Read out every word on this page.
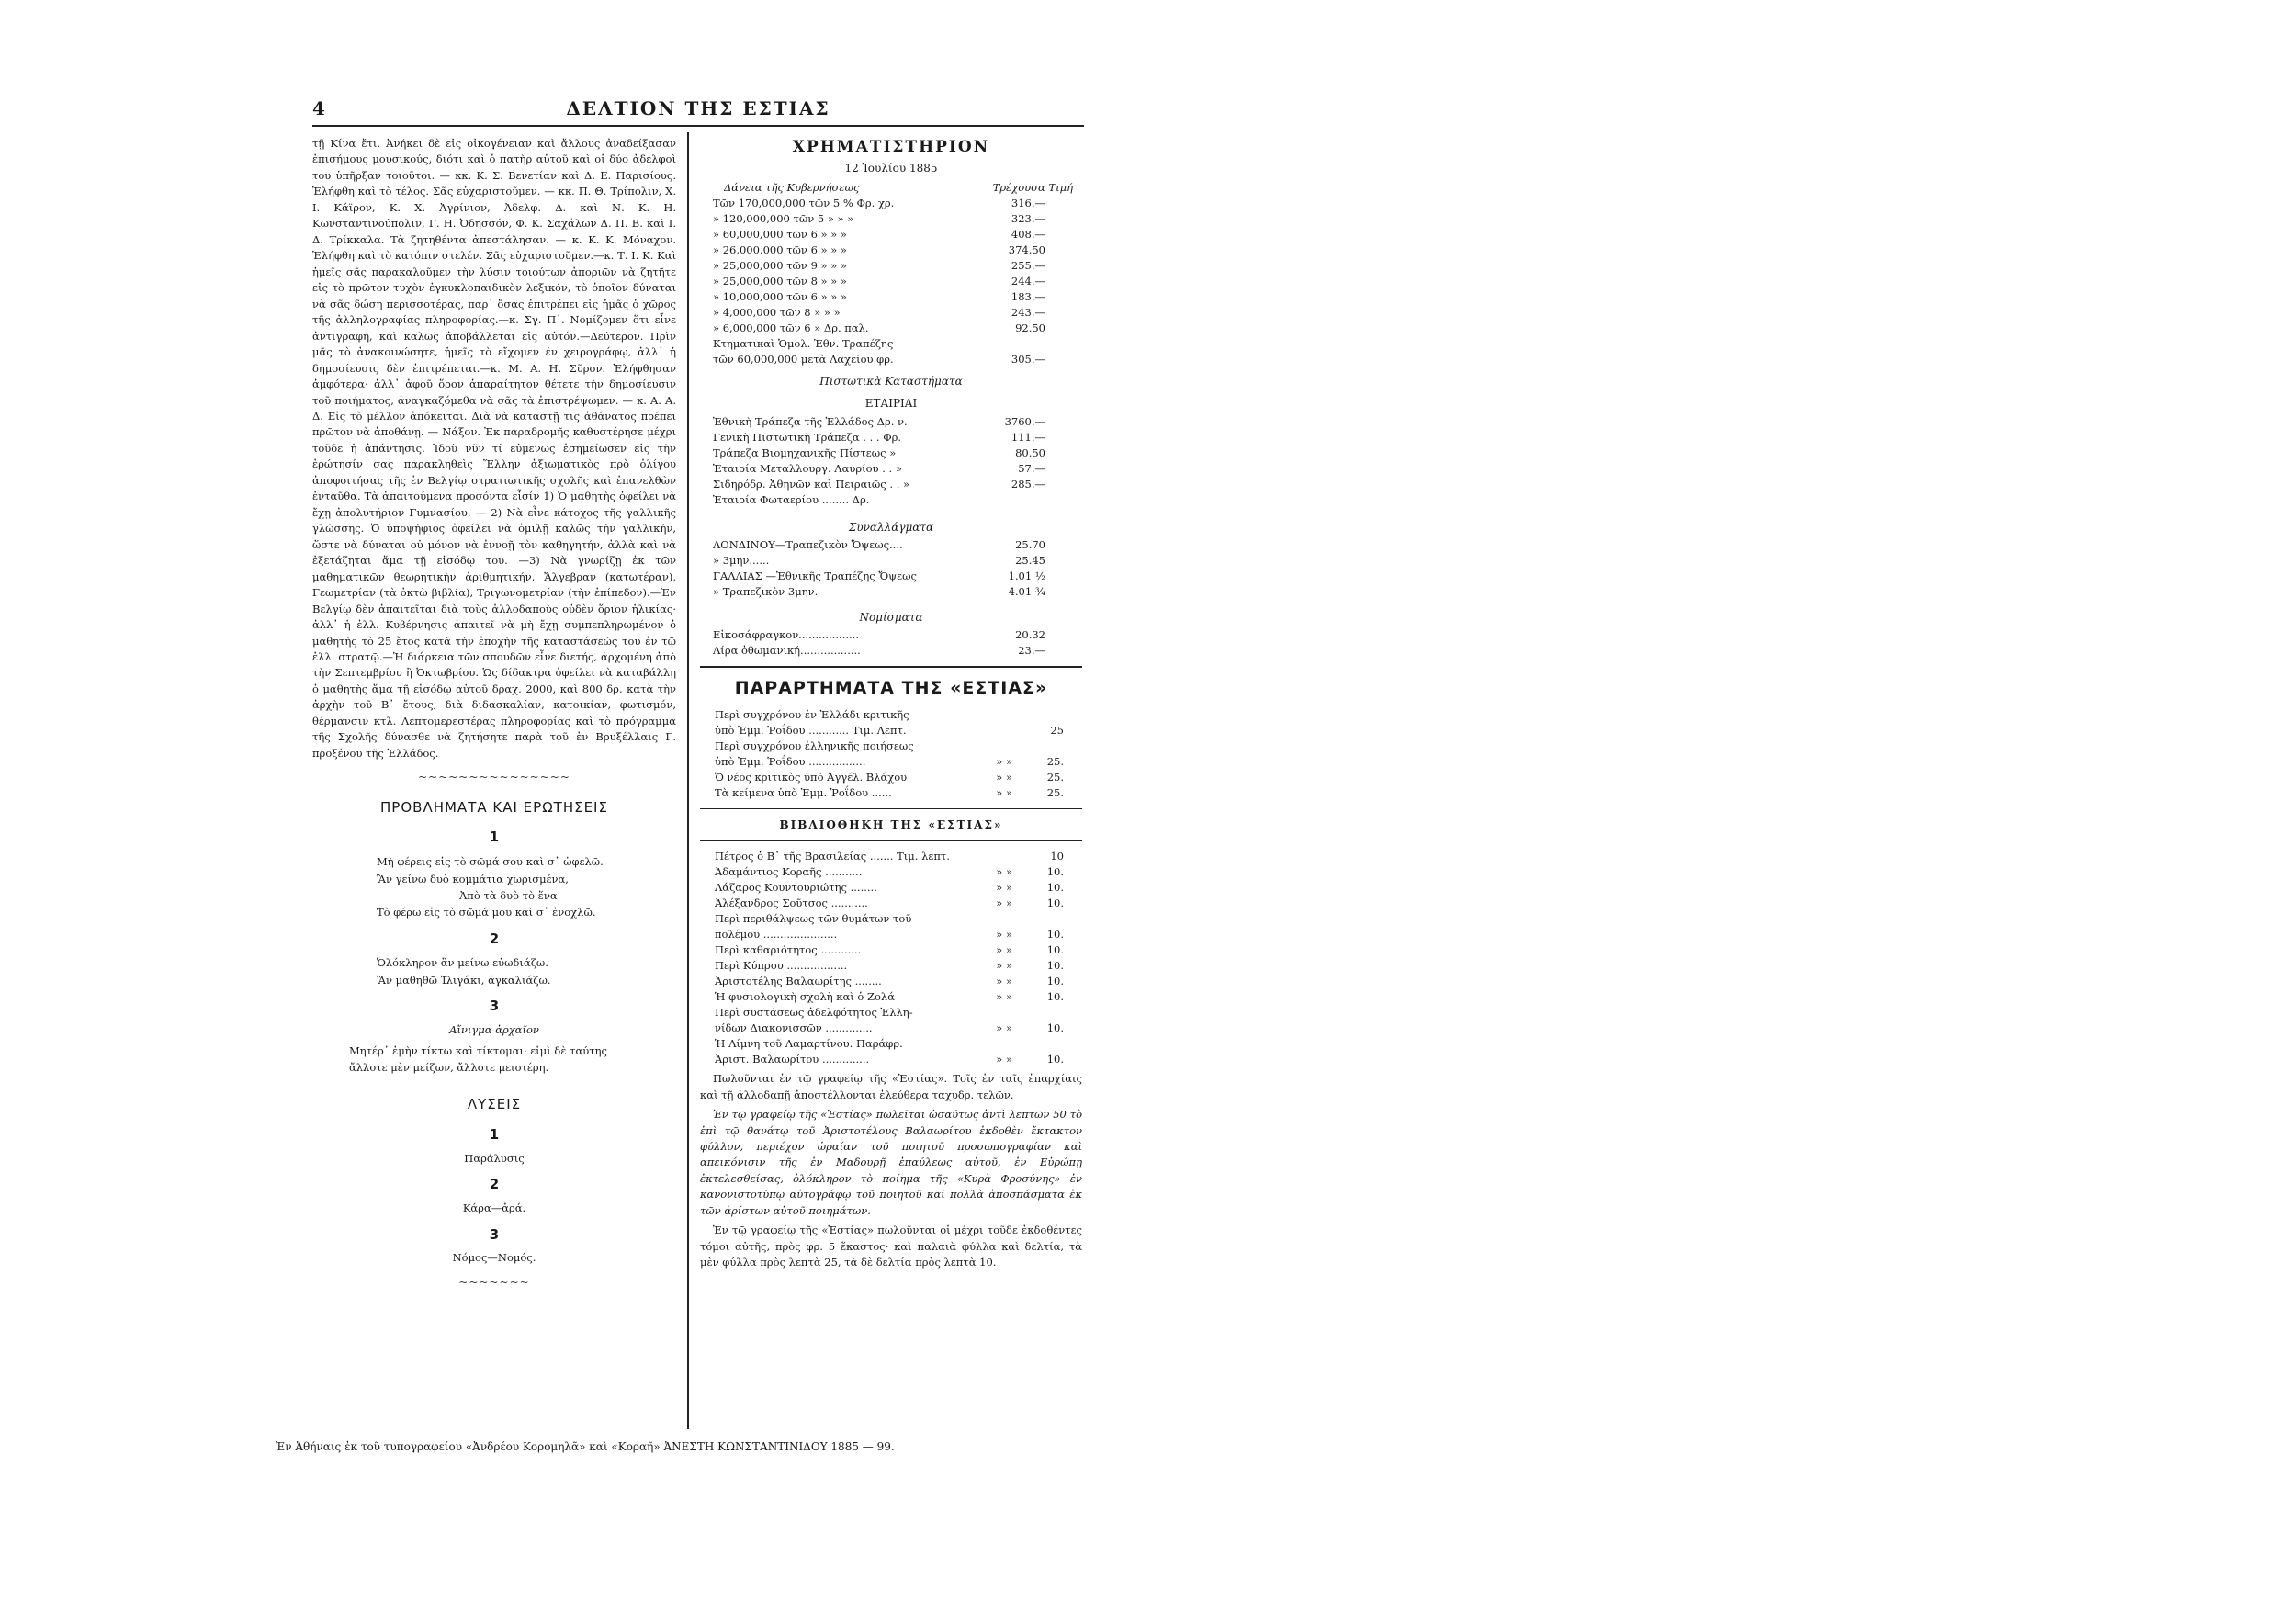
4	ΔΕΛΤΙΟΝ ΤΗΣ ΕΣΤΙΑΣ
τῇ Κίνα ἔτι. Ἀνήκει δὲ εἰς οἰκογένειαν καὶ ἄλλους ἀναδείξασαν ἐπισήμους μουσικούς, διότι καὶ ὁ πατὴρ αὐτοῦ καὶ οἱ δύο ἀδελφοὶ του ὑπῆρξαν τοιοῦτοι. — κκ. Κ. Σ. Βενετίαν καὶ Δ. Ε. Παρισίους. Ἐλήφθη καὶ τὸ τέλος. Σᾶς εὐχαριστοῦμεν. — κκ. Π. Θ. Τρίπολιν, Χ. Ι. Κάϊρον, Κ. Χ. Ἀγρίνιον, Ἀδελφ. Δ. καὶ Ν. Κ. Η. Κωνσταντινούπολιν, Γ. Η. Ὀδησσόν, Φ. Κ. Σαχάλων Δ. Π. Β. καὶ Ι. Δ. Τρίκκαλα. Τὰ ζητηθέντα ἀπεστάλησαν. — κ. Κ. Κ. Μόναχον. Ἐλήφθη καὶ τὸ κατόπιν στελέν. Σᾶς εὐχαριστοῦμεν.—κ. Τ. Ι. Κ. Καὶ ἡμεῖς σᾶς παρακαλοῦμεν τὴν λύσιν τοιούτων ἀποριῶν νὰ ζητῆτε εἰς τὸ πρῶτον τυχὸν ἐγκυκλοπαιδικὸν λεξικόν, τὸ ὁποῖον δύναται νὰ σᾶς δώσῃ περισσοτέρας, παρ᾿ ὅσας ἐπιτρέπει εἰς ἡμᾶς ὁ χῶρος τῆς ἀλληλογραφίας πληροφορίας.—κ. Σγ. Π᾿. Νομίζομεν ὅτι εἶνε ἀντιγραφή, καὶ καλῶς ἀποβάλλεται εἰς αὐτόν.—Δεύτερον. Πρὶν μᾶς τὸ ἀνακοινώσητε, ἡμεῖς τὸ εἴχομεν ἐν χειρογράφῳ, ἀλλ᾿ ἡ δημοσίευσις δὲν ἐπιτρέπεται.—κ. Μ. Α. Η. Σῦρον. Ἐλήφθησαν ἀμφότερα· ἀλλ᾿ ἀφοῦ ὅρον ἀπαραίτητον θέτετε τὴν δημοσίευσιν τοῦ ποιήματος, ἀναγκαζόμεθα νὰ σᾶς τὰ ἐπιστρέψωμεν. — κ. Α. Α. Δ. Εἰς τὸ μέλλον ἀπόκειται. Διὰ νὰ καταστῇ τις ἀθάνατος πρέπει πρῶτον νὰ ἀποθάνῃ. — Νάξον. Ἐκ παραδρομῆς καθυστέρησε μέχρι τοῦδε ἡ ἀπάντησις. Ἰδοὺ νῦν τί εὐμενῶς ἐσημείωσεν εἰς τὴν ἐρώτησίν σας παρακληθεὶς Ἕλλην ἀξιωματικὸς πρὸ ὀλίγου ἀποφοιτήσας τῆς ἐν Βελγίῳ στρατιωτικῆς σχολῆς καὶ ἐπανελθὼν ἐνταῦθα. Τὰ ἀπαιτούμενα προσόντα εἶσίν 1) Ὁ μαθητὴς ὀφείλει νὰ ἔχῃ ἀπολυτήριον Γυμνασίου. — 2) Νὰ εἶνε κάτοχος τῆς γαλλικῆς γλώσσης. Ὁ ὑποψήφιος ὀφείλει νὰ ὁμιλῇ καλῶς τὴν γαλλικήν, ὥστε νὰ δύναται οὐ μόνον νὰ ἐννοῇ τὸν καθηγητήν, ἀλλὰ καὶ νὰ ἐξετάζηται ἅμα τῇ εἰσόδῳ του. —3) Νὰ γνωρίζῃ ἐκ τῶν μαθηματικῶν θεωρητικὴν ἀριθμητικήν, Ἄλγεβραν (κατωτέραν), Γεωμετρίαν (τὰ ὀκτὼ βιβλία), Τριγωνομετρίαν (τὴν ἐπίπεδον).—Ἐν Βελγίῳ δὲν ἀπαιτεῖται διὰ τοὺς ἀλλοδαποὺς οὐδὲν ὅριον ἡλικίας· ἀλλ᾿ ἡ ἐλλ. Κυβέρνησις ἀπαιτεῖ νὰ μὴ ἔχῃ συμπεπληρωμένον ὁ μαθητὴς τὸ 25 ἔτος κατὰ τὴν ἐποχὴν τῆς καταστάσεώς του ἐν τῷ ἐλλ. στρατῷ.—Ἡ διάρκεια τῶν σπουδῶν εἶνε διετής, ἀρχομένη ἀπὸ τὴν Σεπτεμβρίου ἢ Ὀκτωβρίου. Ὡς δίδακτρα ὀφείλει νὰ καταβάλλῃ ὁ μαθητὴς ἅμα τῇ εἰσόδῳ αὐτοῦ δραχ. 2000, καὶ 800 δρ. κατὰ τὴν ἀρχὴν τοῦ Β᾿ ἔτους, διὰ διδασκαλίαν, κατοικίαν, φωτισμόν, θέρμανσιν κτλ. Λεπτομερεστέρας πληροφορίας καὶ τὸ πρόγραμμα τῆς Σχολῆς δύνασθε νὰ ζητήσητε παρὰ τοῦ ἐν Βρυξέλλαις Γ. προξένου τῆς Ἑλλάδος.
~~~~~~~~~~~~~~~
ΠΡΟΒΛΗΜΑΤΑ ΚΑΙ ΕΡΩΤΗΣΕΙΣ
1
Μὴ φέρεις εἰς τὸ σῶμά σου καὶ σ᾿ ὠφελῶ.
Ἂν γείνω δυὸ κομμάτια χωρισμένα,
Ἀπὸ τὰ δυὸ τὸ ἕνα
Τὸ φέρω εἰς τὸ σῶμά μου καὶ σ᾿ ἐνοχλῶ.
2
Ὁλόκληρον ἂν μείνω εὐωδιάζω.
Ἂν μαθηθῶ Ἰλιγάκι, ἀγκαλιάζω.
3
Αἴνιγμα ἀρχαῖον
Μητέρ᾿ ἐμὴν τίκτω καὶ τίκτομαι· εἰμὶ δὲ ταύτης
ἄλλοτε μὲν μείζων, ἄλλοτε μειοτέρη.
ΛΥΣΕΙΣ
1
Παράλυσις
2
Κάρα—ἀρά.
3
Νόμος—Νομός.
~~~~~~~
ΧΡΗΜΑΤΙΣΤΗΡΙΟΝ
12 Ἰουλίου 1885
Δάνεια τῆς Κυβερνήσεως	Τρέχουσα Τιμή
Τῶν 170,000,000 τῶν 5 % Φρ. χρ.	316.—
» 120,000,000 τῶν 5 » » »	323.—
» 60,000,000 τῶν 6 » » »	408.—
» 26,000,000 τῶν 6 » » »	374.50
» 25,000,000 τῶν 9 » » »	255.—
» 25,000,000 τῶν 8 » » »	244.—
» 10,000,000 τῶν 6 » » »	183.—
» 4,000,000 τῶν 8 » » »	243.—
» 6,000,000 τῶν 6 » Δρ. παλ.	92.50
Κτηματικαὶ Ὁμολ. Ἐθν. Τραπέζης
τῶν 60,000,000 μετὰ Λαχείου φρ.	305.—
Πιστωτικὰ Καταστήματα
ΕΤΑΙΡΙΑΙ
Ἐθνικὴ Τράπεζα τῆς Ἑλλάδος Δρ. ν.	3760.—
Γενικὴ Πιστωτικὴ Τράπεζα . . . Φρ.	111.—
Τράπεζα Βιομηχανικῆς Πίστεως »	80.50
Ἑταιρία Μεταλλουργ. Λαυρίου . . »	57.—
Σιδηρόδρ. Ἀθηνῶν καὶ Πειραιῶς . . »	285.—
Ἑταιρία Φωταερίου ........ Δρ.
Συναλλάγματα
ΛΟΝΔΙΝΟΥ—Τραπεζικὸν Ὄψεως....	25.70
» 3μην......	25.45
ΓΑΛΛΙΑΣ —Ἐθνικῆς Τραπέζης Ὄψεως	1.01 ½
» Τραπεζικὸν 3μην.	4.01 ¾
Νομίσματα
Εἰκοσάφραγκον..................	20.32
Λίρα ὀθωμανική..................	23.—
ΠΑΡΑΡΤΗΜΑΤΑ ΤΗΣ «ΕΣΤΙΑΣ»
Περὶ συγχρόνου ἐν Ἑλλάδι κριτικῆς
ὑπὸ Ἐμμ. Ῥοΐδου ............ Τιμ. Λεπτ.	25
Περὶ συγχρόνου ἑλληνικῆς ποιήσεως
ὑπὸ Ἐμμ. Ῥοΐδου .................	» »	25.
Ὁ νέος κριτικὸς ὑπὸ Ἀγγέλ. Βλάχου	» »	25.
Τὰ κείμενα ὑπὸ Ἐμμ. Ῥοΐδου ......	» »	25.
ΒΙΒΛΙΟΘΗΚΗ ΤΗΣ «ΕΣΤΙΑΣ»
Πέτρος ὁ Β᾿ τῆς Βρασιλείας ....... Τιμ. λεπτ.	10
Ἀδαμάντιος Κοραῆς ...........	» »	10.
Λάζαρος Κουντουριώτης ........	» »	10.
Ἀλέξανδρος Σοῦτσος ...........	» »	10.
Περὶ περιθάλψεως τῶν θυμάτων τοῦ
πολέμου ......................	» »	10.
Περὶ καθαριότητος ............	» »	10.
Περὶ Κύπρου ..................	» »	10.
Ἀριστοτέλης Βαλαωρίτης ........	» »	10.
Ἡ φυσιολογικὴ σχολὴ καὶ ὁ Ζολά	» »	10.
Περὶ συστάσεως ἀδελφότητος Ἑλλη-
νίδων Διακονισσῶν ..............	» »	10.
Ἡ Λίμνη τοῦ Λαμαρτίνου. Παράφρ.
Ἀριστ. Βαλαωρίτου ..............	» »	10.
Πωλοῦνται ἐν τῷ γραφείῳ τῆς «Ἑστίας». Τοῖς ἐν ταῖς ἐπαρχίαις καὶ τῇ ἀλλοδαπῇ ἀποστέλλονται ἐλεύθερα ταχυδρ. τελῶν.
Ἐν τῷ γραφείῳ τῆς «Ἑστίας» πωλεῖται ὡσαύτως ἀντὶ λεπτῶν 50 τὸ ἐπὶ τῷ θανάτῳ τοῦ Ἀριστοτέλους Βαλαωρίτου ἐκδοθὲν ἔκτακτον φύλλον, περιέχον ὡραίαν τοῦ ποιητοῦ προσωπογραφίαν καὶ απεικόνισιν τῆς ἐν Μαδουρῇ ἐπαύλεως αὐτοῦ, ἐν Εὐρώπῃ ἐκτελεσθείσας, ὁλόκληρον τὸ ποίημα τῆς «Κυρὰ Φροσύνης» ἐν κανονιστοτύπῳ αὐτογράφῳ τοῦ ποιητοῦ καὶ πολλὰ ἀποσπάσματα ἐκ τῶν ἀρίστων αὐτοῦ ποιημάτων.
Ἐν τῷ γραφείῳ τῆς «Ἑστίας» πωλοῦνται οἱ μέχρι τοῦδε ἐκδοθέντες τόμοι αὐτῆς, πρὸς φρ. 5 ἕκαστος· καὶ παλαιὰ φύλλα καὶ δελτία, τὰ μὲν φύλλα πρὸς λεπτὰ 25, τὰ δὲ δελτία πρὸς λεπτὰ 10.
Ἐν Ἀθήναις ἐκ τοῦ τυπογραφείου «Ἀνδρέου Κορομηλᾶ» καὶ «Κοραῆ» ἈΝΕΣΤΗ ΚΩΝΣΤΑΝΤΙΝΙΔΟΥ 1885 — 99.
